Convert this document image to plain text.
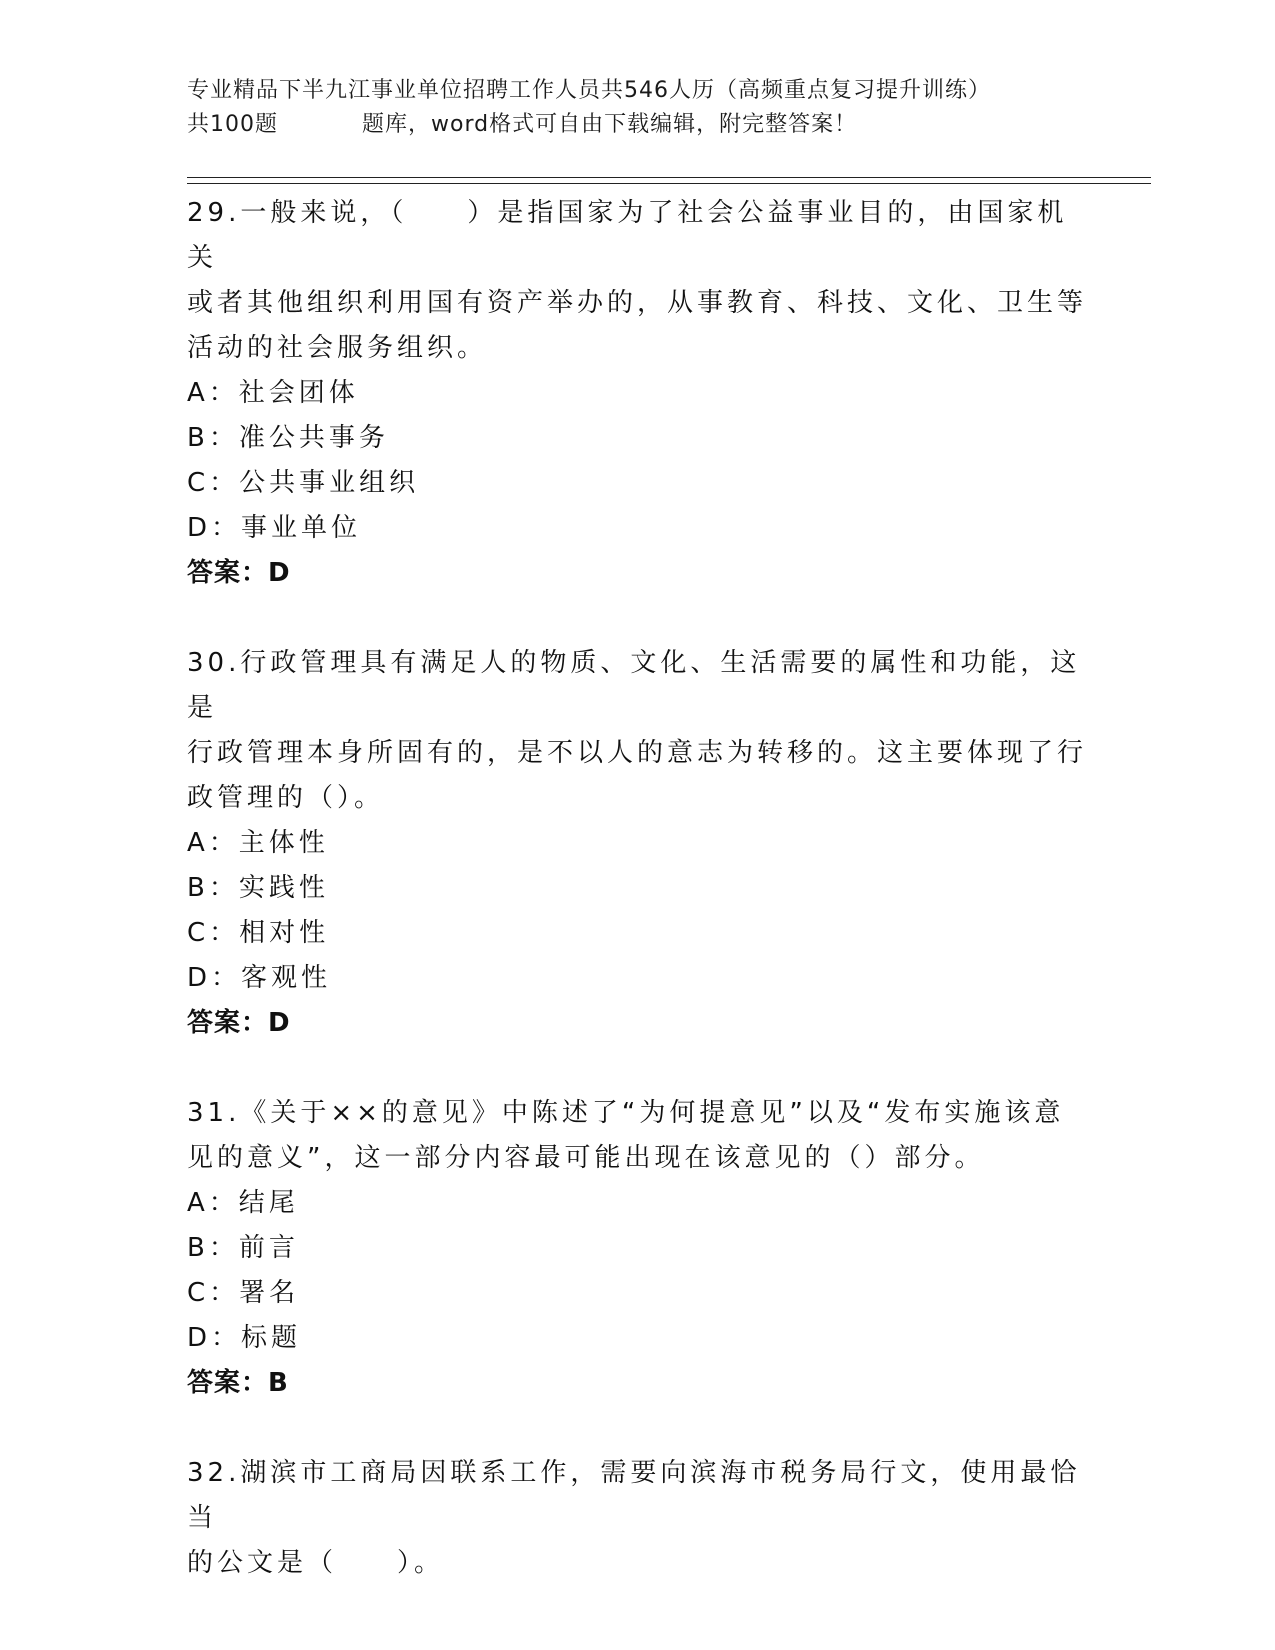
专业精品下半九江事业单位招聘工作人员共546人历（高频重点复习提升训练）
共100题	题库，word格式可自由下载编辑，附完整答案！

29.一般来说，（　　）是指国家为了社会公益事业目的，由国家机关

或者其他组织利用国有资产举办的，从事教育、科技、文化、卫生等

活动的社会服务组织。

A：社会团体

B：准公共事务

C：公共事业组织

D：事业单位

答案：D

30.行政管理具有满足人的物质、文化、生活需要的属性和功能，这是

行政管理本身所固有的，是不以人的意志为转移的。这主要体现了行

政管理的（）。

A：主体性

B：实践性

C：相对性

D：客观性

答案：D

31.《关于××的意见》中陈述了“为何提意见”以及“发布实施该意

见的意义”，这一部分内容最可能出现在该意见的（）部分。

A：结尾

B：前言

C：署名

D：标题

答案：B

32.湖滨市工商局因联系工作，需要向滨海市税务局行文，使用最恰当

的公文是（　　）。
